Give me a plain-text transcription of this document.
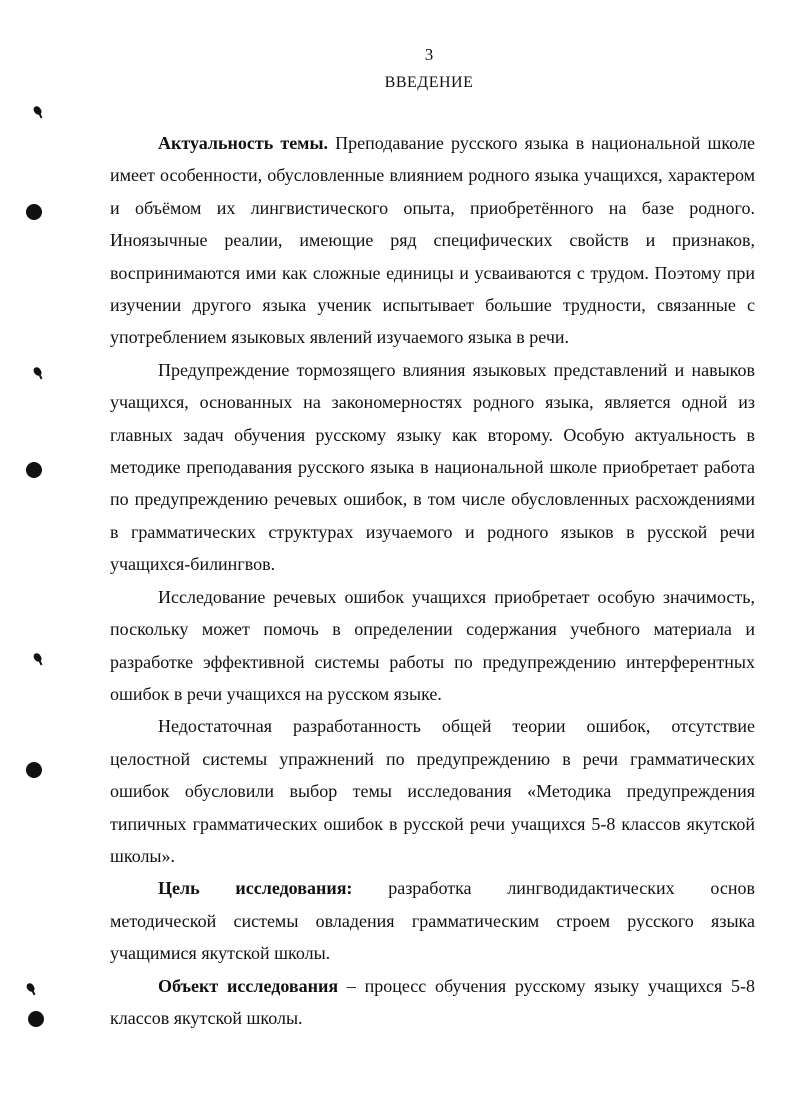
3
ВВЕДЕНИЕ

Актуальность темы. Преподавание русского языка в национальной школе имеет особенности, обусловленные влиянием родного языка учащихся, характером и объёмом их лингвистического опыта, приобретённого на базе родного. Иноязычные реалии, имеющие ряд специфических свойств и признаков, воспринимаются ими как сложные единицы и усваиваются с трудом. Поэтому при изучении другого языка ученик испытывает большие трудности, связанные с употреблением языковых явлений изучаемого языка в речи.

Предупреждение тормозящего влияния языковых представлений и навыков учащихся, основанных на закономерностях родного языка, является одной из главных задач обучения русскому языку как второму. Особую актуальность в методике преподавания русского языка в национальной школе приобретает работа по предупреждению речевых ошибок, в том числе обусловленных расхождениями в грамматических структурах изучаемого и родного языков в русской речи учащихся-билингвов.

Исследование речевых ошибок учащихся приобретает особую значимость, поскольку может помочь в определении содержания учебного материала и разработке эффективной системы работы по предупреждению интерферентных ошибок в речи учащихся на русском языке.

Недостаточная разработанность общей теории ошибок, отсутствие целостной системы упражнений по предупреждению в речи грамматических ошибок обусловили выбор темы исследования «Методика предупреждения типичных грамматических ошибок в русской речи учащихся 5-8 классов якутской школы».

Цель исследования: разработка лингводидактических основ
методической системы овладения грамматическим строем русского языка учащимися якутской школы.

Объект исследования – процесс обучения русскому языку учащихся 5-8 классов якутской школы.
